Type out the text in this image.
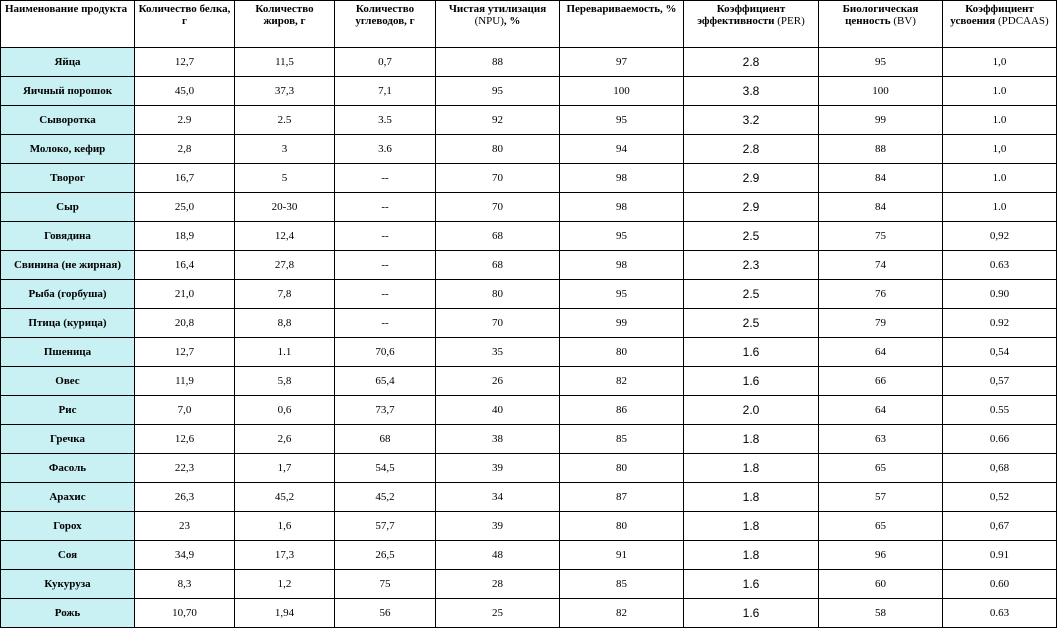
Наименование продукта	Количество белка, г	Количество жиров, г	Количество углеводов, г	Чистая утилизация (NPU), %	Перевариваемость, %	Коэффициент эффективности (PER)	Биологическая ценность (BV)	Коэффициент усвоения (PDCAAS)
Яйца	12,7	11,5	0,7	88	97	2.8	95	1,0
Яичный порошок	45,0	37,3	7,1	95	100	3.8	100	1.0
Сыворотка	2.9	2.5	3.5	92	95	3.2	99	1.0
Молоко, кефир	2,8	3	3.6	80	94	2.8	88	1,0
Творог	16,7	5	--	70	98	2.9	84	1.0
Сыр	25,0	20-30	--	70	98	2.9	84	1.0
Говядина	18,9	12,4	--	68	95	2.5	75	0,92
Свинина (не жирная)	16,4	27,8	--	68	98	2.3	74	0.63
Рыба (горбуша)	21,0	7,8	--	80	95	2.5	76	0.90
Птица (курица)	20,8	8,8	--	70	99	2.5	79	0.92
Пшеница	12,7	1.1	70,6	35	80	1.6	64	0,54
Овес	11,9	5,8	65,4	26	82	1.6	66	0,57
Рис	7,0	0,6	73,7	40	86	2.0	64	0.55
Гречка	12,6	2,6	68	38	85	1.8	63	0.66
Фасоль	22,3	1,7	54,5	39	80	1.8	65	0,68
Арахис	26,3	45,2	45,2	34	87	1.8	57	0,52
Горох	23	1,6	57,7	39	80	1.8	65	0,67
Соя	34,9	17,3	26,5	48	91	1.8	96	0.91
Кукуруза	8,3	1,2	75	28	85	1.6	60	0.60
Рожь	10,70	1,94	56	25	82	1.6	58	0.63
